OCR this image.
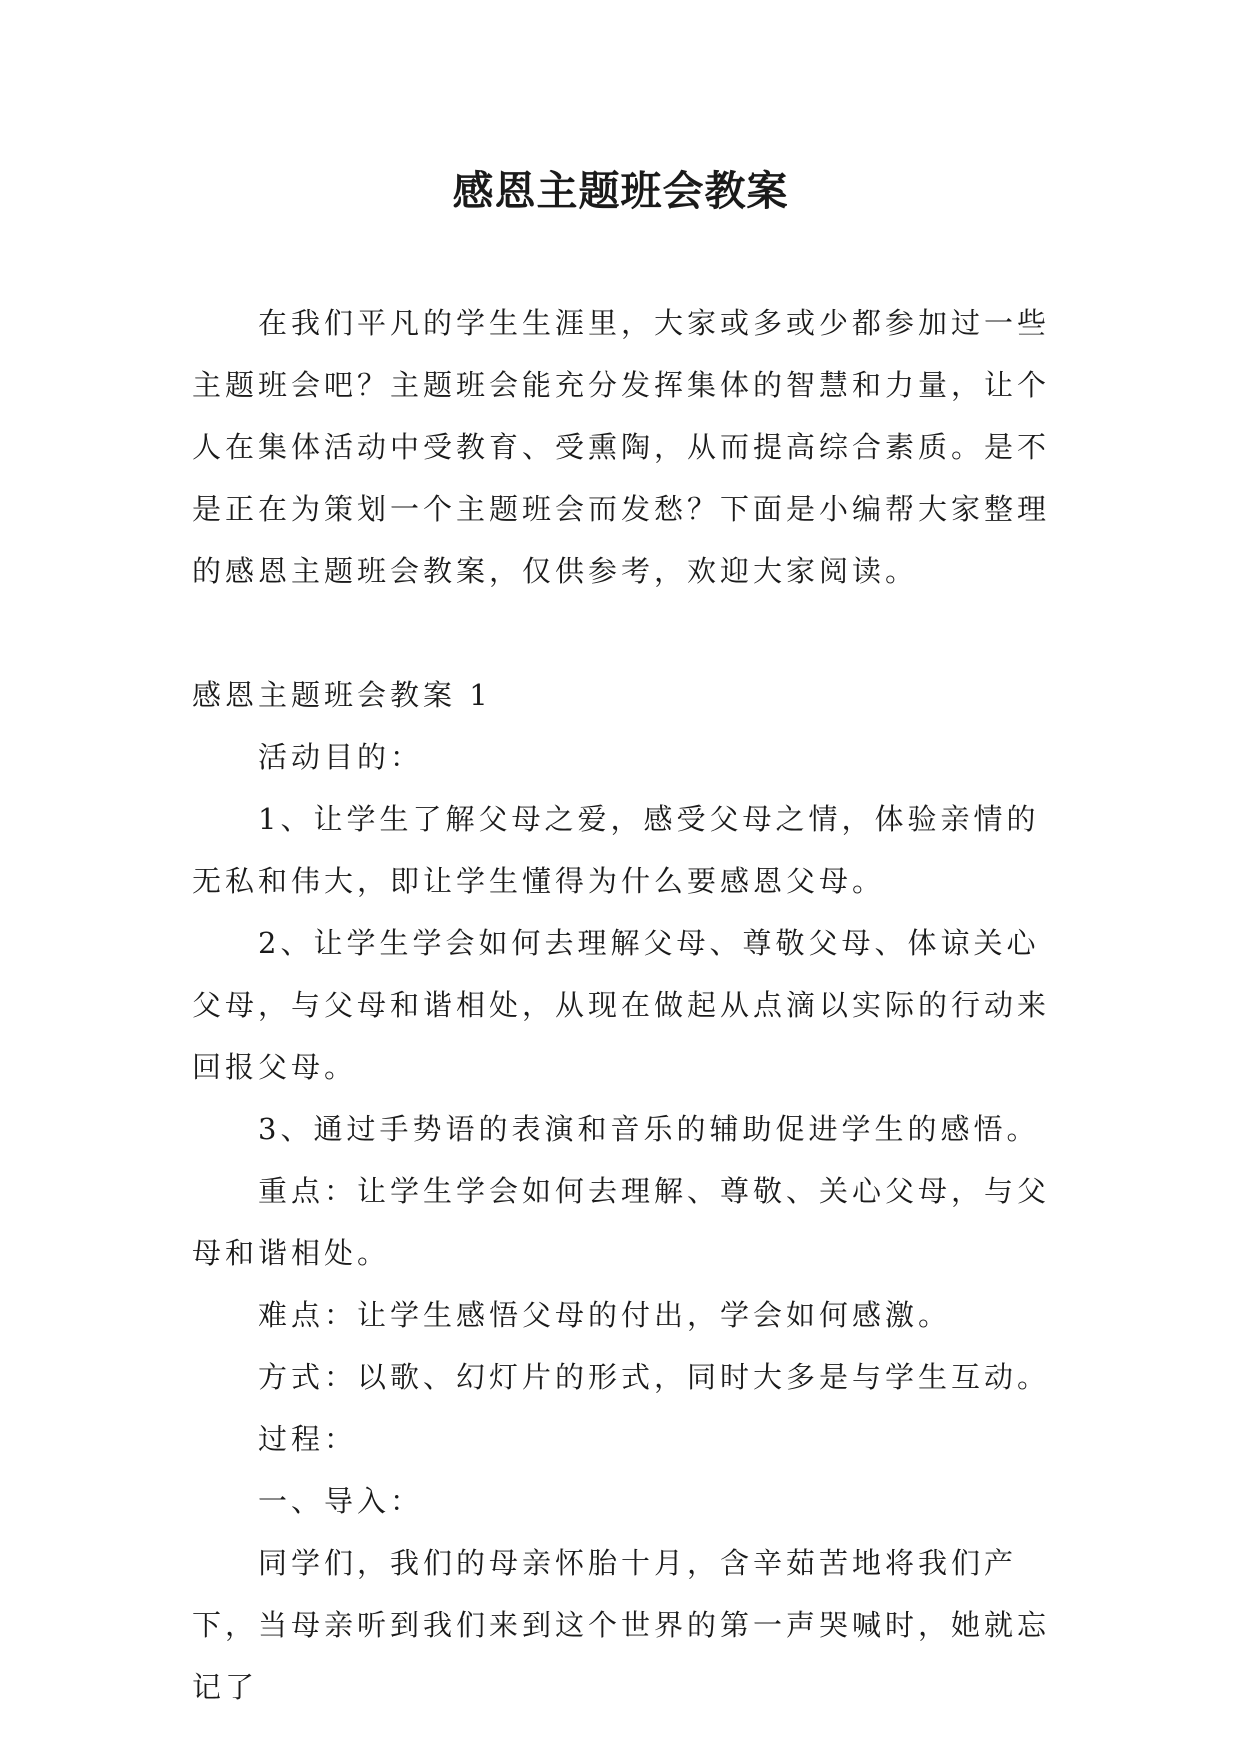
感恩主题班会教案

在我们平凡的学生生涯里，大家或多或少都参加过一些主题班会吧？主题班会能充分发挥集体的智慧和力量，让个人在集体活动中受教育、受熏陶，从而提高综合素质。是不是正在为策划一个主题班会而发愁？下面是小编帮大家整理的感恩主题班会教案，仅供参考，欢迎大家阅读。

感恩主题班会教案 1

活动目的：

1、让学生了解父母之爱，感受父母之情，体验亲情的无私和伟大，即让学生懂得为什么要感恩父母。

2、让学生学会如何去理解父母、尊敬父母、体谅关心父母，与父母和谐相处，从现在做起从点滴以实际的行动来回报父母。

3、通过手势语的表演和音乐的辅助促进学生的感悟。

重点：让学生学会如何去理解、尊敬、关心父母，与父母和谐相处。

难点：让学生感悟父母的付出，学会如何感激。

方式：以歌、幻灯片的形式，同时大多是与学生互动。

过程：

一、导入：

同学们，我们的母亲怀胎十月，含辛茹苦地将我们产下，当母亲听到我们来到这个世界的第一声哭喊时，她就忘记了
